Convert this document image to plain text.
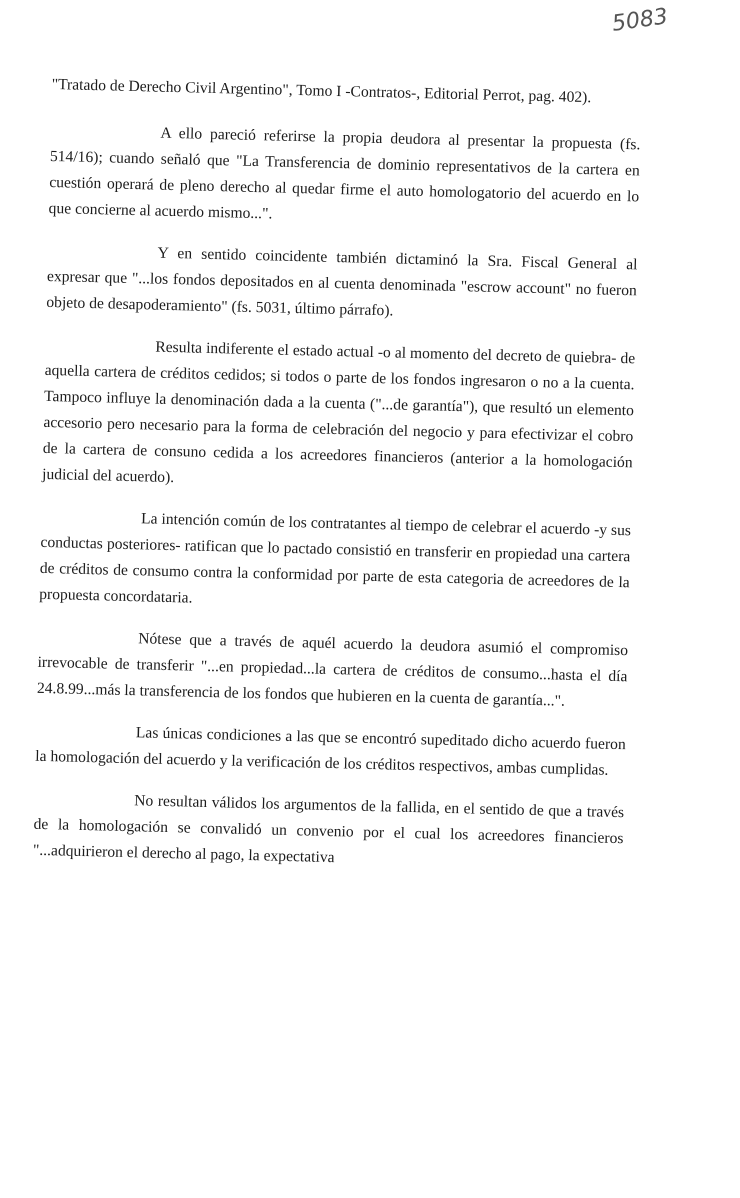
5083

"Tratado de Derecho Civil Argentino", Tomo I -Contratos-, Editorial Perrot, pag. 402).

A ello pareció referirse la propia deudora al presentar la propuesta (fs. 514/16); cuando señaló que "La Transferencia de dominio representativos de la cartera en cuestión operará de pleno derecho al quedar firme el auto homologatorio del acuerdo en lo que concierne al acuerdo mismo...".

Y en sentido coincidente también dictaminó la Sra. Fiscal General al expresar que "...los fondos depositados en al cuenta denominada "escrow account" no fueron objeto de desapoderamiento" (fs. 5031, último párrafo).

Resulta indiferente el estado actual -o al momento del decreto de quiebra- de aquella cartera de créditos cedidos; si todos o parte de los fondos ingresaron o no a la cuenta. Tampoco influye la denominación dada a la cuenta ("...de garantía"), que resultó un elemento accesorio pero necesario para la forma de celebración del negocio y para efectivizar el cobro de la cartera de consuno cedida a los acreedores financieros (anterior a la homologación judicial del acuerdo).

La intención común de los contratantes al tiempo de celebrar el acuerdo -y sus conductas posteriores- ratifican que lo pactado consistió en transferir en propiedad una cartera de créditos de consumo contra la conformidad por parte de esta categoria de acreedores de la propuesta concordataria.

Nótese que a través de aquél acuerdo la deudora asumió el compromiso irrevocable de transferir "...en propiedad...la cartera de créditos de consumo...hasta el día 24.8.99...más la transferencia de los fondos que hubieren en la cuenta de garantía...".

Las únicas condiciones a las que se encontró supeditado dicho acuerdo fueron la homologación del acuerdo y la verificación de los créditos respectivos, ambas cumplidas.

No resultan válidos los argumentos de la fallida, en el sentido de que a través de la homologación se convalidó un convenio por el cual los acreedores financieros "...adquirieron el derecho al pago, la expectativa
